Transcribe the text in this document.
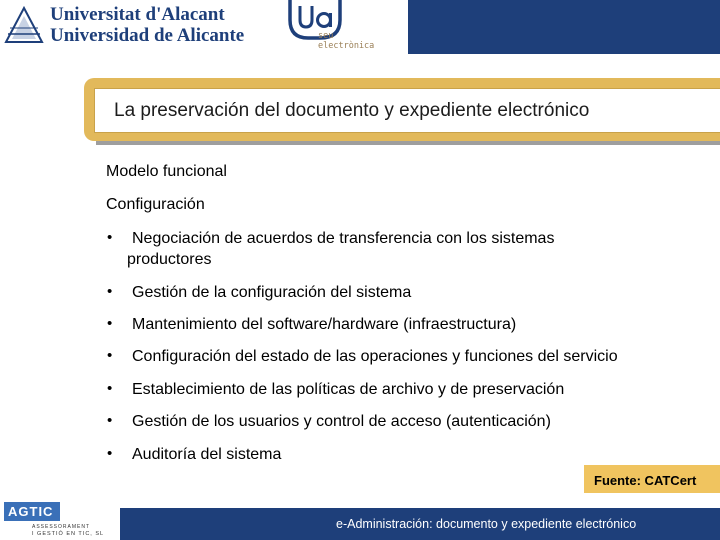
Universitat d'Alacant
Universidad de Alicante	seu
electrònica
La preservación del documento y expediente electrónico
Modelo funcional
Configuración
• Negociación de acuerdos de transferencia con los sistemas
productores
• Gestión de la configuración del sistema
• Mantenimiento del software/hardware (infraestructura)
• Configuración del estado de las operaciones y funciones del servicio
• Establecimiento de las políticas de archivo y de preservación
• Gestión de los usuarios y control de acceso (autenticación)
• Auditoría del sistema
Fuente: CATCert
e-Administración: documento y expediente electrónico
AGTIC
ASSESSORAMENT
I GESTIÓ EN TIC, SL
